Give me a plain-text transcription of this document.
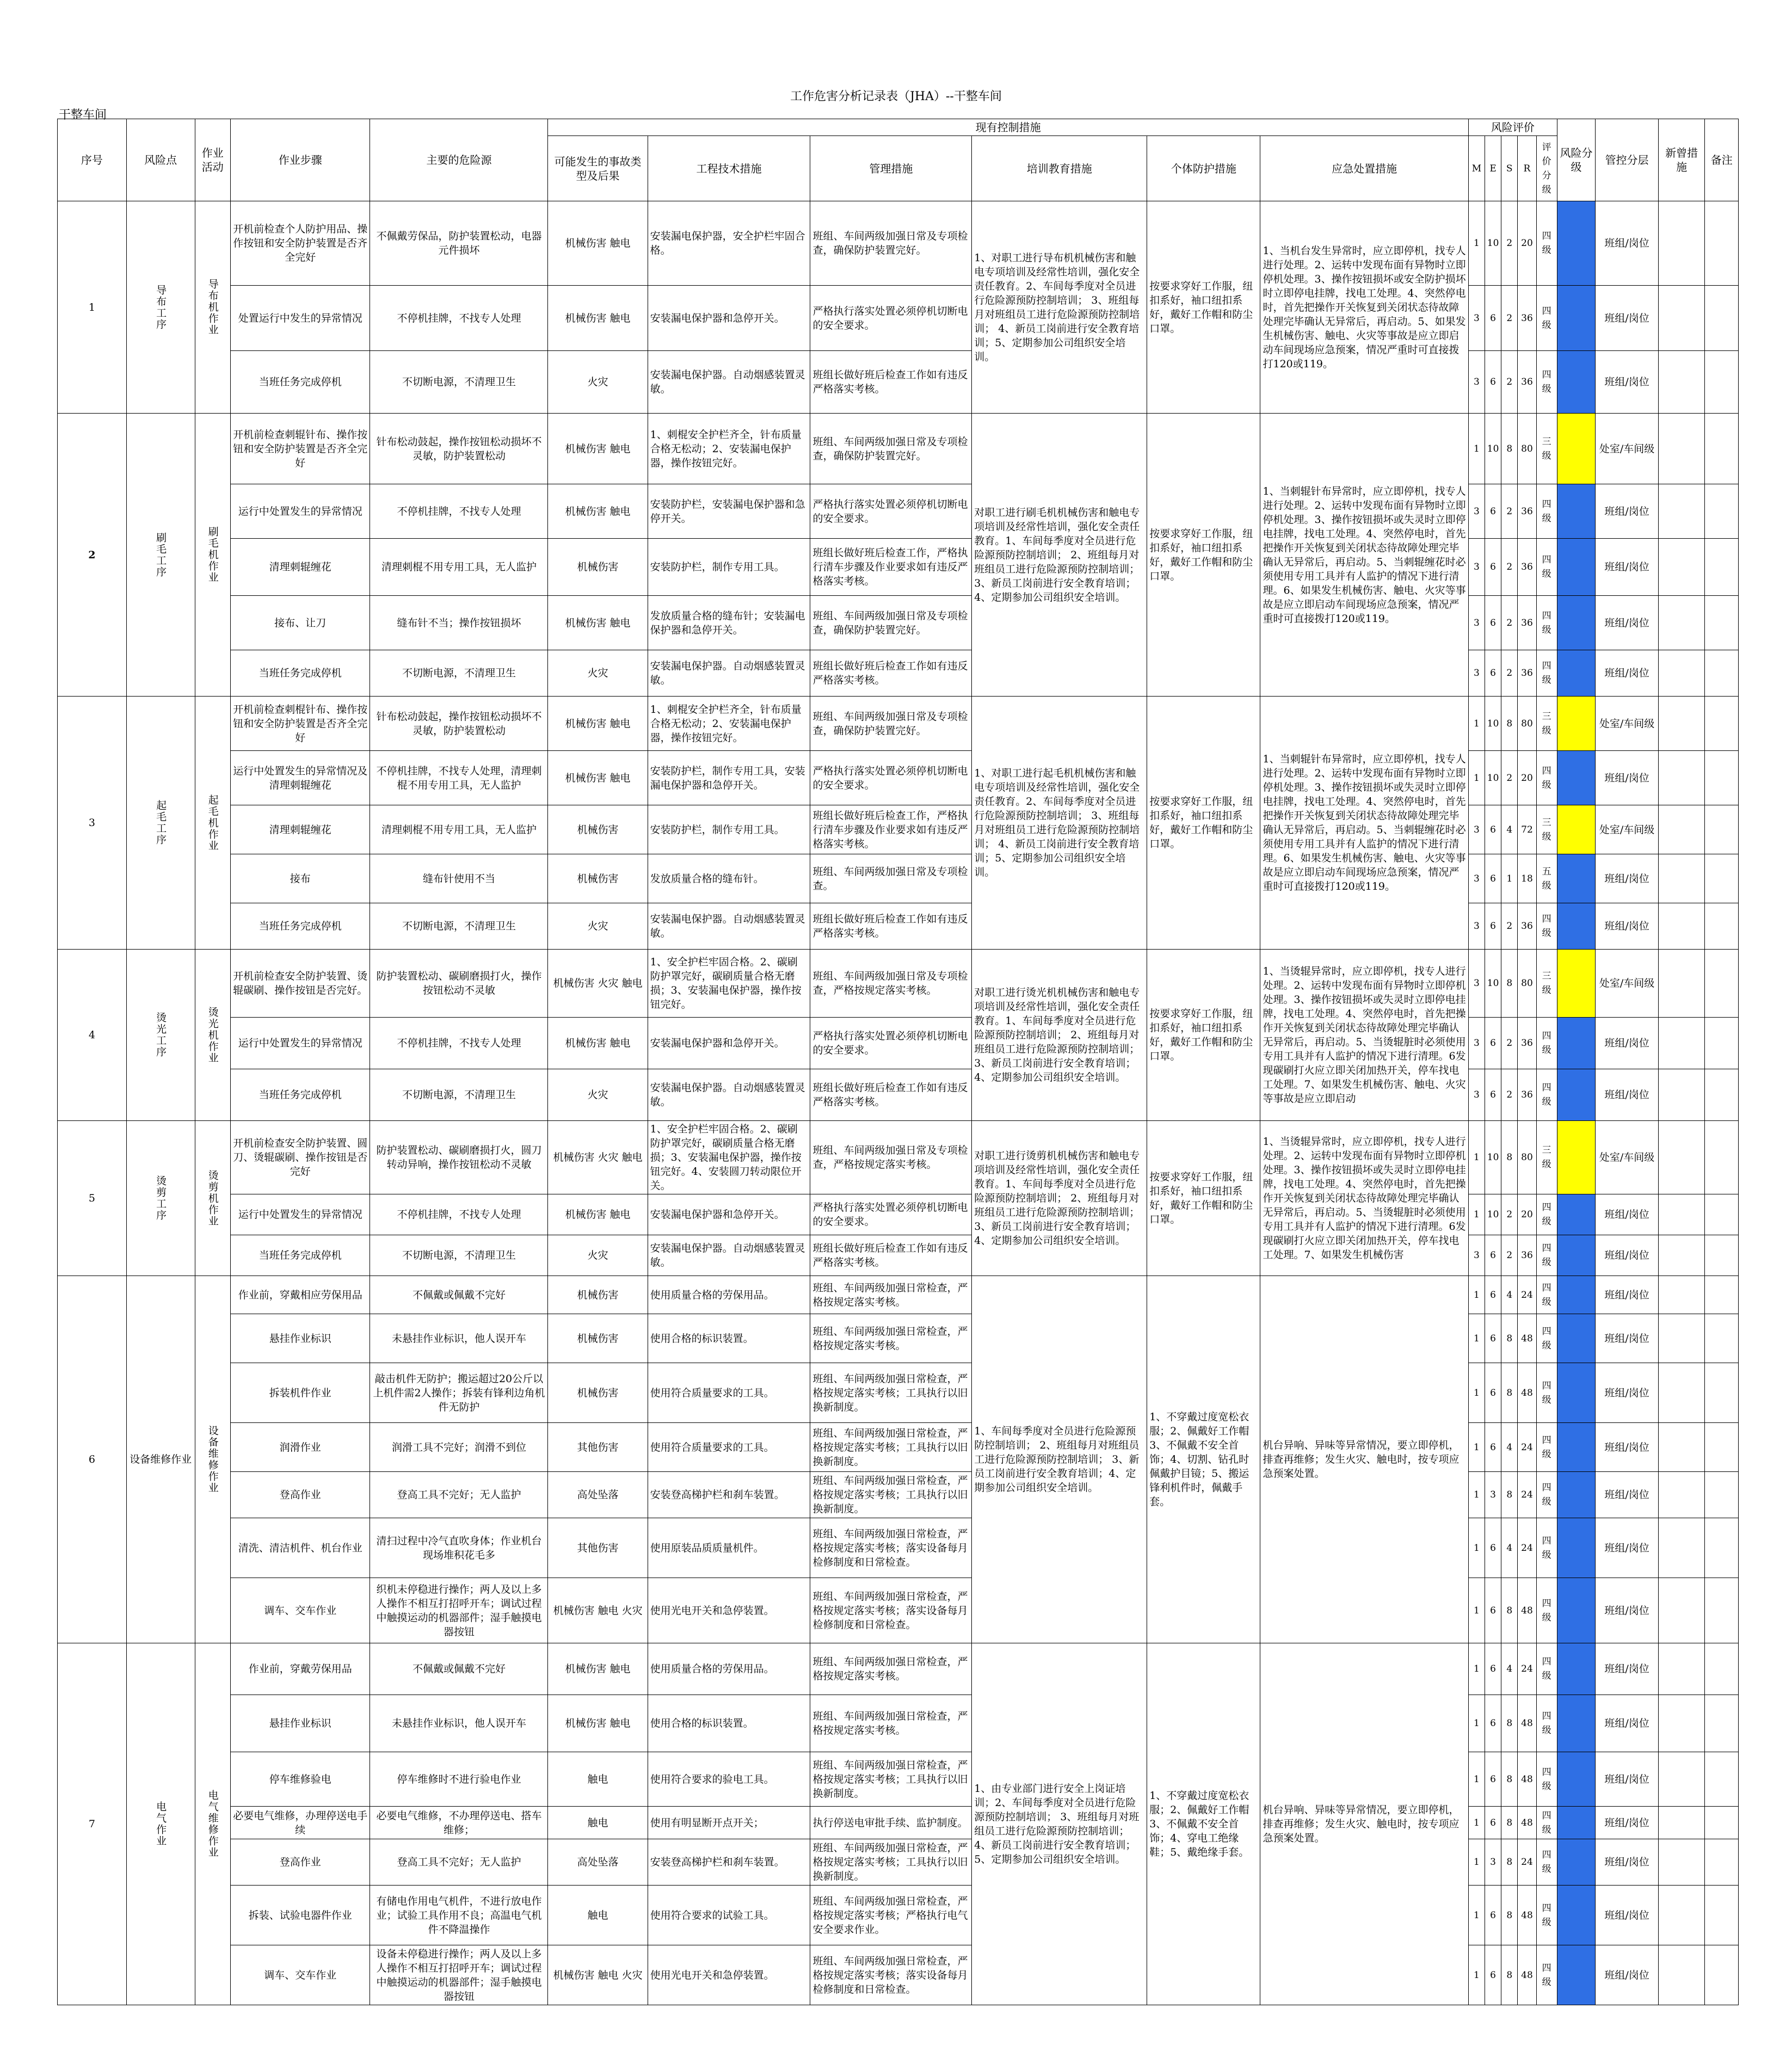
工作危害分析记录表（JHA）--干整车间
干整车间
序号	风险点	作业活动	作业步骤	主要的危险源	现有控制措施						风险评价					风险分级	管控分层	新曾措施	备注
					可能发生的事故类型及后果	工程技术措施	管理措施	培训教育措施	个体防护措施	应急处置措施	M	E	S	R	评价分级				

1	导布工序	导布机作业	开机前检查个人防护用品、操作按钮和安全防护装置是否齐全完好	不佩戴劳保品，防护装置松动，电器元件损坏	机械伤害 触电	安装漏电保护器，安全护栏牢固合格。	班组、车间两级加强日常及专项检查，确保防护装置完好。	1、对职工进行导布机机械伤害和触电专项培训及经常性培训，强化安全责任教育。2、车间每季度对全员进行危险源预防控制培训； 3、班组每月对班组员工进行危险源预防控制培训； 4、新员工岗前进行安全教育培训；5、定期参加公司组织安全培训。	按要求穿好工作服，纽扣系好，袖口纽扣系好，戴好工作帽和防尘口罩。	1、当机台发生异常时，应立即停机，找专人进行处理。2、运转中发现布面有异物时立即停机处理。3、操作按钮损坏或安全防护损坏时立即停电挂牌，找电工处理。4、突然停电时，首先把操作开关恢复到关闭状态待故障处理完毕确认无异常后，再启动。5、如果发生机械伤害、触电、火灾等事故是应立即启动车间现场应急预案，情况严重时可直接拨打120或119。	1	10	2	20	四级		班组/岗位		
			处置运行中发生的异常情况	不停机挂牌，不找专人处理	机械伤害 触电	安装漏电保护器和急停开关。	严格执行落实处置必须停机切断电的安全要求。				3	6	2	36	四级		班组/岗位		
			当班任务完成停机	不切断电源，不清理卫生	火灾	安装漏电保护器。自动烟感装置灵敏。	班组长做好班后检查工作如有违反严格落实考核。				3	6	2	36	四级		班组/岗位		
2	刷毛工序	刷毛机作业	开机前检查刺辊针布、操作按钮和安全防护装置是否齐全完好	针布松动鼓起，操作按钮松动损坏不灵敏，防护装置松动	机械伤害 触电	1、刺棍安全护栏齐全，针布质量合格无松动；2、安装漏电保护器，操作按钮完好。	班组、车间两级加强日常及专项检查，确保防护装置完好。	对职工进行刷毛机机械伤害和触电专项培训及经常性培训，强化安全责任教育。1、车间每季度对全员进行危险源预防控制培训； 2、班组每月对班组员工进行危险源预防控制培训； 3、新员工岗前进行安全教育培训；4、定期参加公司组织安全培训。	按要求穿好工作服，纽扣系好，袖口纽扣系好，戴好工作帽和防尘口罩。	1、当刺辊针布异常时，应立即停机，找专人进行处理。2、运转中发现布面有异物时立即停机处理。3、操作按钮损坏或失灵时立即停电挂牌，找电工处理。4、突然停电时，首先把操作开关恢复到关闭状态待故障处理完毕确认无异常后，再启动。5、当刺辊缠花时必须使用专用工具并有人监护的情况下进行清理。6、如果发生机械伤害、触电、火灾等事故是应立即启动车间现场应急预案，情况严重时可直接拨打120或119。	1	10	8	80	三级		处室/车间级		
			运行中处置发生的异常情况	不停机挂牌，不找专人处理	机械伤害 触电	安装防护栏，安装漏电保护器和急停开关。	严格执行落实处置必须停机切断电的安全要求。				3	6	2	36	四级		班组/岗位		
			清理刺辊缠花	清理刺棍不用专用工具，无人监护	机械伤害	安装防护栏，制作专用工具。	班组长做好班后检查工作，严格执行清车步骤及作业要求如有违反严格落实考核。				3	6	2	36	四级		班组/岗位		
			接布、让刀	缝布针不当；操作按钮损坏	机械伤害 触电	发放质量合格的缝布针；安装漏电保护器和急停开关。	班组、车间两级加强日常及专项检查，确保防护装置完好。				3	6	2	36	四级		班组/岗位		
			当班任务完成停机	不切断电源，不清理卫生	火灾	安装漏电保护器。自动烟感装置灵敏。	班组长做好班后检查工作如有违反严格落实考核。				3	6	2	36	四级		班组/岗位		
3	起毛工序	起毛机作业	开机前检查刺棍针布、操作按钮和安全防护装置是否齐全完好	针布松动鼓起，操作按钮松动损坏不灵敏，防护装置松动	机械伤害 触电	1、刺棍安全护栏齐全，针布质量合格无松动；2、安装漏电保护器，操作按钮完好。	班组、车间两级加强日常及专项检查，确保防护装置完好。	1、对职工进行起毛机机械伤害和触电专项培训及经常性培训，强化安全责任教育。2、车间每季度对全员进行危险源预防控制培训； 3、班组每月对班组员工进行危险源预防控制培训； 4、新员工岗前进行安全教育培训；5、定期参加公司组织安全培训。	按要求穿好工作服，纽扣系好，袖口纽扣系好，戴好工作帽和防尘口罩。	1、当刺辊针布异常时，应立即停机，找专人进行处理。2、运转中发现布面有异物时立即停机处理。3、操作按钮损坏或失灵时立即停电挂牌，找电工处理。4、突然停电时，首先把操作开关恢复到关闭状态待故障处理完毕确认无异常后，再启动。5、当刺辊缠花时必须使用专用工具并有人监护的情况下进行清理。6、如果发生机械伤害、触电、火灾等事故是应立即启动车间现场应急预案，情况严重时可直接拨打120或119。	1	10	8	80	三级		处室/车间级		
			运行中处置发生的异常情况及清理刺辊缠花	不停机挂牌，不找专人处理，清理刺棍不用专用工具，无人监护	机械伤害 触电	安装防护栏，制作专用工具，安装漏电保护器和急停开关。	严格执行落实处置必须停机切断电的安全要求。				1	10	2	20	四级		班组/岗位		
			清理刺辊缠花	清理刺棍不用专用工具，无人监护	机械伤害	安装防护栏，制作专用工具。	班组长做好班后检查工作，严格执行清车步骤及作业要求如有违反严格落实考核。				3	6	4	72	三级		处室/车间级		
			接布	缝布针使用不当	机械伤害	发放质量合格的缝布针。	班组、车间两级加强日常及专项检查。				3	6	1	18	五级		班组/岗位		
			当班任务完成停机	不切断电源，不清理卫生	火灾	安装漏电保护器。自动烟感装置灵敏。	班组长做好班后检查工作如有违反严格落实考核。				3	6	2	36	四级		班组/岗位		
4	烫光工序	烫光机作业	开机前检查安全防护装置、烫辊碳刷、操作按钮是否完好。	防护装置松动、碳刷磨损打火，操作按钮松动不灵敏	机械伤害 火灾 触电	1、安全护栏牢固合格。2、碳刷防护罩完好，碳刷质量合格无磨损；3、安装漏电保护器，操作按钮完好。	班组、车间两级加强日常及专项检查，严格按规定落实考核。	对职工进行烫光机机械伤害和触电专项培训及经常性培训，强化安全责任教育。1、车间每季度对全员进行危险源预防控制培训； 2、班组每月对班组员工进行危险源预防控制培训； 3、新员工岗前进行安全教育培训；4、定期参加公司组织安全培训。	按要求穿好工作服，纽扣系好，袖口纽扣系好，戴好工作帽和防尘口罩。	1、当烫辊异常时，应立即停机，找专人进行处理。2、运转中发现布面有异物时立即停机处理。3、操作按钮损坏或失灵时立即停电挂牌，找电工处理。4、突然停电时，首先把操作开关恢复到关闭状态待故障处理完毕确认无异常后，再启动。5、当烫辊脏时必须使用专用工具并有人监护的情况下进行清理。6发现碳刷打火应立即关闭加热开关，停车找电工处理。7、如果发生机械伤害、触电、火灾等事故是应立即启动	3	10	8	80	三级		处室/车间级		
			运行中处置发生的异常情况	不停机挂牌，不找专人处理	机械伤害 触电	安装漏电保护器和急停开关。	严格执行落实处置必须停机切断电的安全要求。				3	6	2	36	四级		班组/岗位		
			当班任务完成停机	不切断电源，不清理卫生	火灾	安装漏电保护器。自动烟感装置灵敏。	班组长做好班后检查工作如有违反严格落实考核。				3	6	2	36	四级		班组/岗位		
5	烫剪工序	烫剪机作业	开机前检查安全防护装置、圆刀、烫辊碳刷、操作按钮是否完好	防护装置松动、碳刷磨损打火，圆刀转动异响，操作按钮松动不灵敏	机械伤害 火灾 触电	1、安全护栏牢固合格。2、碳刷防护罩完好，碳刷质量合格无磨损；3、安装漏电保护器，操作按钮完好。4、安装圆刀转动限位开关。	班组、车间两级加强日常及专项检查，严格按规定落实考核。	对职工进行烫剪机机械伤害和触电专项培训及经常性培训，强化安全责任教育。1、车间每季度对全员进行危险源预防控制培训； 2、班组每月对班组员工进行危险源预防控制培训； 3、新员工岗前进行安全教育培训；4、定期参加公司组织安全培训。	按要求穿好工作服，纽扣系好，袖口纽扣系好，戴好工作帽和防尘口罩。	1、当烫辊异常时，应立即停机，找专人进行处理。2、运转中发现布面有异物时立即停机处理。3、操作按钮损坏或失灵时立即停电挂牌，找电工处理。4、突然停电时，首先把操作开关恢复到关闭状态待故障处理完毕确认无异常后，再启动。5、当烫辊脏时必须使用专用工具并有人监护的情况下进行清理。6发现碳刷打火应立即关闭加热开关，停车找电工处理。7、如果发生机械伤害	1	10	8	80	三级		处室/车间级		
			运行中处置发生的异常情况	不停机挂牌，不找专人处理	机械伤害 触电	安装漏电保护器和急停开关。	严格执行落实处置必须停机切断电的安全要求。				1	10	2	20	四级		班组/岗位		
			当班任务完成停机	不切断电源，不清理卫生	火灾	安装漏电保护器。自动烟感装置灵敏。	班组长做好班后检查工作如有违反严格落实考核。				3	6	2	36	四级		班组/岗位		
6	设备维修作业	设备维修作业	作业前，穿戴相应劳保用品	不佩戴或佩戴不完好	机械伤害	使用质量合格的劳保用品。	班组、车间两级加强日常检查，严格按规定落实考核。	1、车间每季度对全员进行危险源预防控制培训； 2、班组每月对班组员工进行危险源预防控制培训； 3、新员工岗前进行安全教育培训；4、定期参加公司组织安全培训。	1、不穿戴过度宽松衣服；2、佩戴好工作帽3、不佩戴不安全首饰；4、切割、钻孔时佩戴护目镜；5、搬运锋利机件时，佩戴手套。	机台异响、异味等异常情况，要立即停机，排查再维修；发生火灾、触电时，按专项应急预案处置。	1	6	4	24	四级		班组/岗位		
			悬挂作业标识	未悬挂作业标识，他人误开车	机械伤害	使用合格的标识装置。	班组、车间两级加强日常检查，严格按规定落实考核。				1	6	8	48	四级		班组/岗位		
			拆装机件作业	敲击机件无防护；搬运超过20公斤以上机件需2人操作；拆装有锋利边角机件无防护	机械伤害	使用符合质量要求的工具。	班组、车间两级加强日常检查，严格按规定落实考核；工具执行以旧换新制度。				1	6	8	48	四级		班组/岗位		
			润滑作业	润滑工具不完好；润滑不到位	其他伤害	使用符合质量要求的工具。	班组、车间两级加强日常检查，严格按规定落实考核；工具执行以旧换新制度。				1	6	4	24	四级		班组/岗位		
			登高作业	登高工具不完好；无人监护	高处坠落	安装登高梯护栏和刹车装置。	班组、车间两级加强日常检查，严格按规定落实考核；工具执行以旧换新制度。				1	3	8	24	四级		班组/岗位		
			清洗、清洁机件、机台作业	清扫过程中冷气直吹身体；作业机台现场堆积花毛多	其他伤害	使用原装品质质量机件。	班组、车间两级加强日常检查，严格按规定落实考核；落实设备每月检修制度和日常检查。				1	6	4	24	四级		班组/岗位		
			调车、交车作业	织机未停稳进行操作；两人及以上多人操作不相互打招呼开车；调试过程中触摸运动的机器部件；湿手触摸电器按钮	机械伤害 触电 火灾	使用光电开关和急停装置。	班组、车间两级加强日常检查，严格按规定落实考核；落实设备每月检修制度和日常检查。				1	6	8	48	四级		班组/岗位		
7	电气作业	电气维修作业	作业前，穿戴劳保用品	不佩戴或佩戴不完好	机械伤害 触电	使用质量合格的劳保用品。	班组、车间两级加强日常检查，严格按规定落实考核。	1、由专业部门进行安全上岗证培训；2、车间每季度对全员进行危险源预防控制培训； 3、班组每月对班组员工进行危险源预防控制培训； 4、新员工岗前进行安全教育培训；5、定期参加公司组织安全培训。	1、不穿戴过度宽松衣服；2、佩戴好工作帽3、不佩戴不安全首饰；4、穿电工绝缘鞋；5、戴绝缘手套。	机台异响、异味等异常情况，要立即停机，排查再维修；发生火灾、触电时，按专项应急预案处置。	1	6	4	24	四级		班组/岗位		
			悬挂作业标识	未悬挂作业标识，他人误开车	机械伤害 触电	使用合格的标识装置。	班组、车间两级加强日常检查，严格按规定落实考核。				1	6	8	48	四级		班组/岗位		
			停车维修验电	停车维修时不进行验电作业	触电	使用符合要求的验电工具。	班组、车间两级加强日常检查，严格按规定落实考核；工具执行以旧换新制度。				1	6	8	48	四级		班组/岗位		
			必要电气维修，办理停送电手续	必要电气维修，不办理停送电、搭车维修；	触电	使用有明显断开点开关；	执行停送电审批手续、监护制度。				1	6	8	48	四级		班组/岗位		
			登高作业	登高工具不完好；无人监护	高处坠落	安装登高梯护栏和刹车装置。	班组、车间两级加强日常检查，严格按规定落实考核；工具执行以旧换新制度。				1	3	8	24	四级		班组/岗位		
			拆装、试验电器件作业	有储电作用电气机件，不进行放电作业；试验工具作用不良；高温电气机件不降温操作	触电	使用符合要求的试验工具。	班组、车间两级加强日常检查，严格按规定落实考核；严格执行电气安全要求作业。				1	6	8	48	四级		班组/岗位		
			调车、交车作业	设备未停稳进行操作；两人及以上多人操作不相互打招呼开车；调试过程中触摸运动的机器部件；湿手触摸电器按钮	机械伤害 触电 火灾	使用光电开关和急停装置。	班组、车间两级加强日常检查，严格按规定落实考核；落实设备每月检修制度和日常检查。				1	6	8	48	四级		班组/岗位		
